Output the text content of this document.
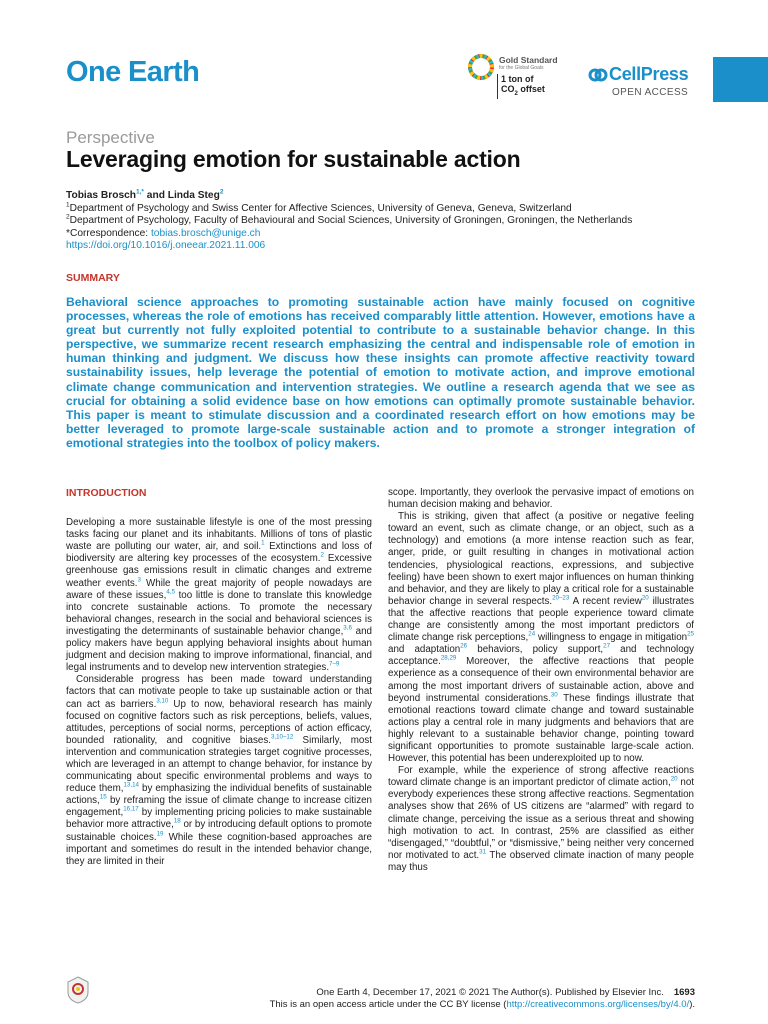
One Earth	Gold Standard
for the Global Goals
1 ton of
$CO_2$ offset
CellPress
OPEN ACCESS
Perspective
Leveraging emotion for sustainable action
Tobias Brosch$^{1,*}$ and Linda Steg$^2$
$^1$Department of Psychology and Swiss Center for Affective Sciences, University of Geneva, Geneva, Switzerland
$^2$Department of Psychology, Faculty of Behavioural and Social Sciences, University of Groningen, Groningen, the Netherlands
*Correspondence: tobias.brosch@unige.ch
https://doi.org/10.1016/j.oneear.2021.11.006
SUMMARY
Behavioral science approaches to promoting sustainable action have mainly focused on cognitive processes, whereas the role of emotions has received comparably little attention. However, emotions have a great but currently not fully exploited potential to contribute to a sustainable behavior change. In this perspective, we summarize recent research emphasizing the central and indispensable role of emotion in human thinking and judgment. We discuss how these insights can promote affective reactivity toward sustainability issues, help leverage the potential of emotion to motivate action, and improve emotional climate change communication and intervention strategies. We outline a research agenda that we see as crucial for obtaining a solid evidence base on how emotions can optimally promote sustainable behavior. This paper is meant to stimulate discussion and a coordinated research effort on how emotions may be better leveraged to promote large-scale sustainable action and to promote a stronger integration of emotional strategies into the toolbox of policy makers.
INTRODUCTION

Developing a more sustainable lifestyle is one of the most pressing tasks facing our planet and its inhabitants. Millions of tons of plastic waste are polluting our water, air, and soil.$^1$ Extinctions and loss of biodiversity are altering key processes of the ecosystem.$^2$ Excessive greenhouse gas emissions result in climatic changes and extreme weather events.$^3$ While the great majority of people nowadays are aware of these issues,$^{4,5}$ too little is done to translate this knowledge into concrete sustainable actions. To promote the necessary behavioral changes, research in the social and behavioral sciences is investigating the determinants of sustainable behavior change,$^{3,6}$ and policy makers have begun applying behavioral insights about human judgment and decision making to improve informational, financial, and legal instruments and to develop new intervention strategies.$^{7-9}$

Considerable progress has been made toward understanding factors that can motivate people to take up sustainable action or that can act as barriers.$^{3,10}$ Up to now, behavioral research has mainly focused on cognitive factors such as risk perceptions, beliefs, values, attitudes, perceptions of social norms, perceptions of action efficacy, bounded rationality, and cognitive biases.$^{3,10-12}$ Similarly, most intervention and communication strategies target cognitive processes, which are leveraged in an attempt to change behavior, for instance by communicating about specific environmental problems and ways to reduce them,$^{13,14}$ by emphasizing the individual benefits of sustainable actions,$^{15}$ by reframing the issue of climate change to increase citizen engagement,$^{16,17}$ by implementing pricing policies to make sustainable behavior more attractive,$^{18}$ or by introducing default options to promote sustainable choices.$^{19}$ While these cognition-based approaches are important and sometimes do result in the intended behavior change, they are limited in their

scope. Importantly, they overlook the pervasive impact of emotions on human decision making and behavior.

This is striking, given that affect (a positive or negative feeling toward an event, such as climate change, or an object, such as a technology) and emotions (a more intense reaction such as fear, anger, pride, or guilt resulting in changes in motivational action tendencies, physiological reactions, expressions, and subjective feeling) have been shown to exert major influences on human thinking and behavior, and they are likely to play a critical role for a sustainable behavior change in several respects.$^{20-23}$ A recent review$^{20}$ illustrates that the affective reactions that people experience toward climate change are consistently among the most important predictors of climate change risk perceptions,$^{24}$ willingness to engage in mitigation$^{25}$ and adaptation$^{26}$ behaviors, policy support,$^{27}$ and technology acceptance.$^{28,29}$ Moreover, the affective reactions that people experience as a consequence of their own environmental behavior are among the most important drivers of sustainable action, above and beyond instrumental considerations.$^{30}$ These findings illustrate that emotional reactions toward climate change and toward sustainable actions play a central role in many judgments and behaviors that are highly relevant to a sustainable behavior change, pointing toward significant opportunities to promote sustainable large-scale action. However, this potential has been underexploited up to now.

For example, while the experience of strong affective reactions toward climate change is an important predictor of climate action,$^{20}$ not everybody experiences these strong affective reactions. Segmentation analyses show that 26% of US citizens are “alarmed” with regard to climate change, perceiving the issue as a serious threat and showing high motivation to act. In contrast, 25% are classified as either “disengaged,” “doubtful,” or “dismissive,” being neither very concerned nor motivated to act.$^{31}$ The observed climate inaction of many people may thus

One Earth 4, December 17, 2021 © 2021 The Author(s). Published by Elsevier Inc. 1693
This is an open access article under the CC BY license (http://creativecommons.org/licenses/by/4.0/).
